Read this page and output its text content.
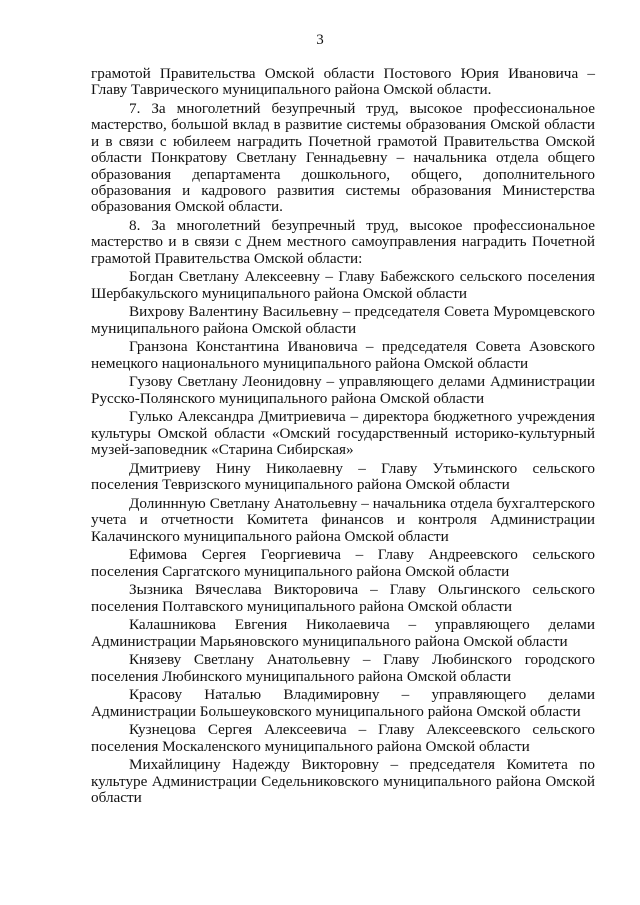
3

грамотой Правительства Омской области Постового Юрия Ивановича – Главу Таврического муниципального района Омской области.

7. За многолетний безупречный труд, высокое профессиональное мастерство, большой вклад в развитие системы образования Омской области и в связи с юбилеем наградить Почетной грамотой Правительства Омской области Понкратову Светлану Геннадьевну – начальника отдела общего образования департамента дошкольного, общего, дополнительного образования и кадрового развития системы образования Министерства образования Омской области.

8. За многолетний безупречный труд, высокое профессиональное мастерство и в связи с Днем местного самоуправления наградить Почетной грамотой Правительства Омской области:

Богдан Светлану Алексеевну – Главу Бабежского сельского поселения Шербакульского муниципального района Омской области

Вихрову Валентину Васильевну – председателя Совета Муромцевского муниципального района Омской области

Гранзона Константина Ивановича – председателя Совета Азовского немецкого национального муниципального района Омской области

Гузову Светлану Леонидовну – управляющего делами Администрации Русско-Полянского муниципального района Омской области

Гулько Александра Дмитриевича – директора бюджетного учреждения культуры Омской области «Омский государственный историко-культурный музей-заповедник «Старина Сибирская»

Дмитриеву Нину Николаевну – Главу Утьминского сельского поселения Тевризского муниципального района Омской области

Долиннную Светлану Анатольевну – начальника отдела бухгалтерского учета и отчетности Комитета финансов и контроля Администрации Калачинского муниципального района Омской области

Ефимова Сергея Георгиевича – Главу Андреевского сельского поселения Саргатского муниципального района Омской области

Зызника Вячеслава Викторовича – Главу Ольгинского сельского поселения Полтавского муниципального района Омской области

Калашникова Евгения Николаевича – управляющего делами Администрации Марьяновского муниципального района Омской области

Князеву Светлану Анатольевну – Главу Любинского городского поселения Любинского муниципального района Омской области

Красову Наталью Владимировну – управляющего делами Администрации Большеуковского муниципального района Омской области

Кузнецова Сергея Алексеевича – Главу Алексеевского сельского поселения Москаленского муниципального района Омской области

Михайлицину Надежду Викторовну – председателя Комитета по культуре Администрации Седельниковского муниципального района Омской области
